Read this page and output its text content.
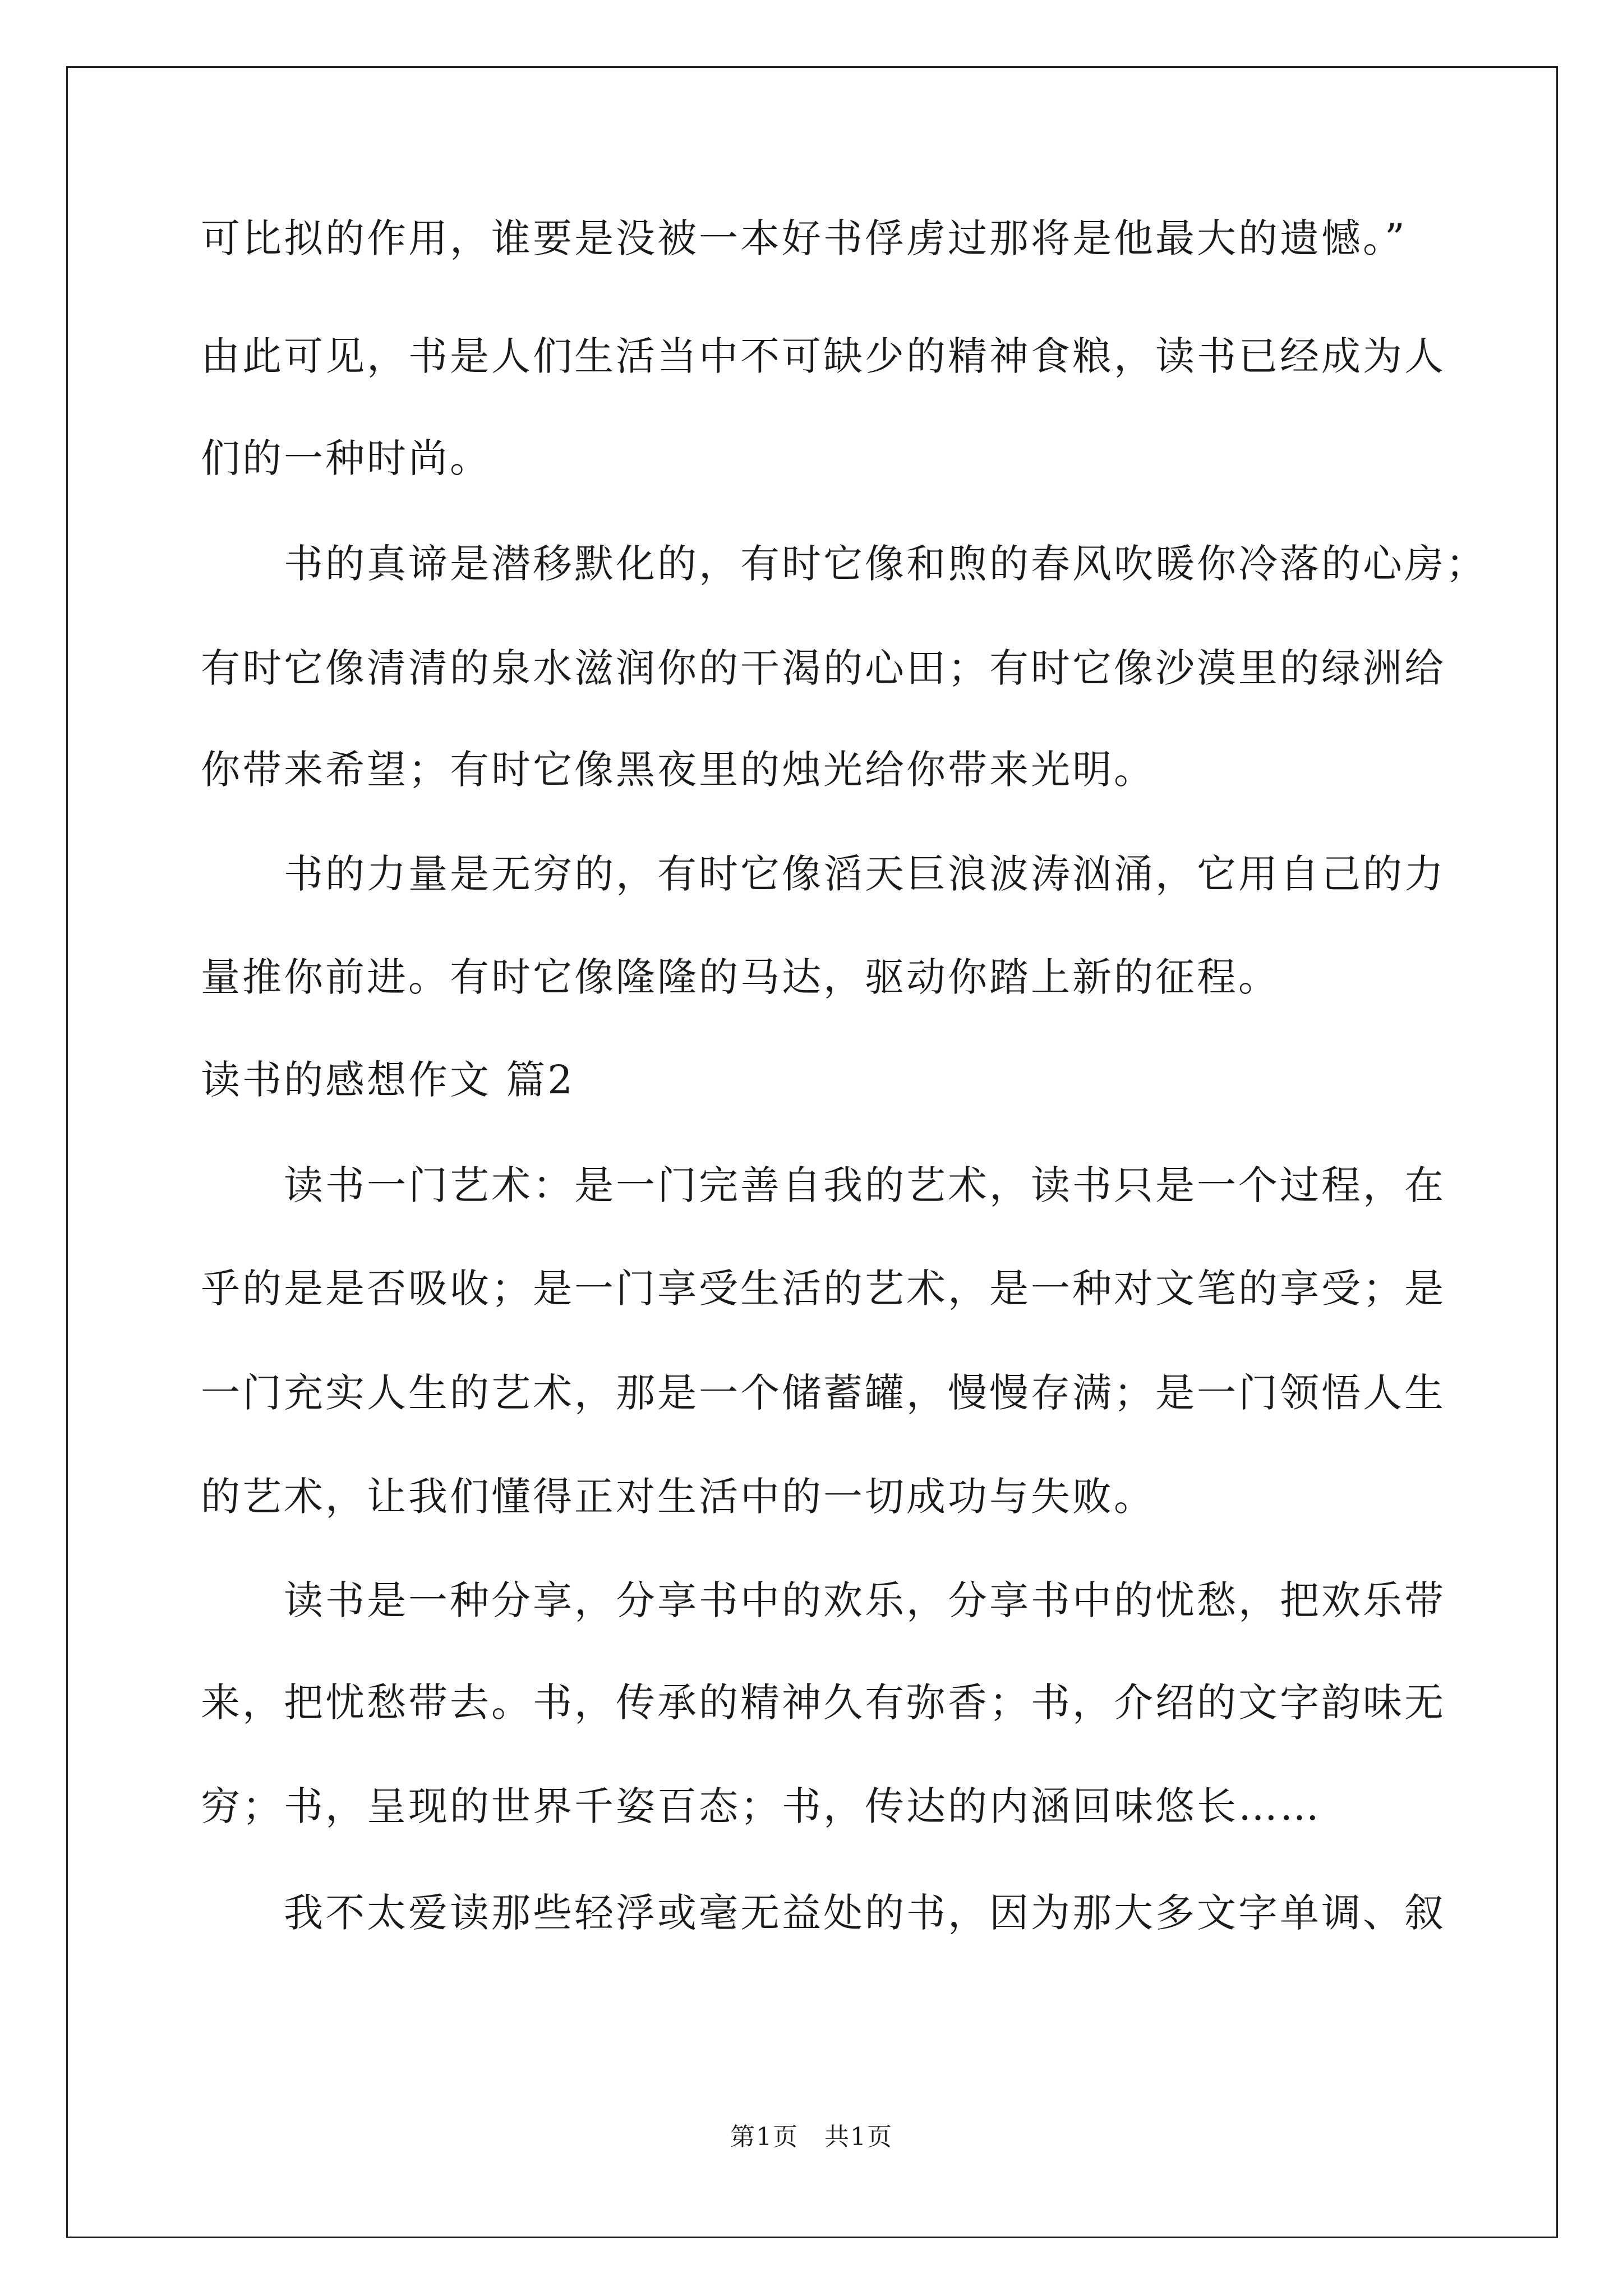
可比拟的作用，谁要是没被一本好书俘虏过那将是他最大的遗憾。”
由此可见，书是人们生活当中不可缺少的精神食粮，读书已经成为人
们的一种时尚。
书的真谛是潜移默化的，有时它像和煦的春风吹暖你冷落的心房；
有时它像清清的泉水滋润你的干渴的心田；有时它像沙漠里的绿洲给
你带来希望；有时它像黑夜里的烛光给你带来光明。
书的力量是无穷的，有时它像滔天巨浪波涛汹涌，它用自己的力
量推你前进。有时它像隆隆的马达，驱动你踏上新的征程。
读书的感想作文 篇2
读书一门艺术：是一门完善自我的艺术，读书只是一个过程，在
乎的是是否吸收；是一门享受生活的艺术，是一种对文笔的享受；是
一门充实人生的艺术，那是一个储蓄罐，慢慢存满；是一门领悟人生
的艺术，让我们懂得正对生活中的一切成功与失败。
读书是一种分享，分享书中的欢乐，分享书中的忧愁，把欢乐带
来，把忧愁带去。书，传承的精神久有弥香；书，介绍的文字韵味无
穷；书，呈现的世界千姿百态；书，传达的内涵回味悠长……
我不太爱读那些轻浮或毫无益处的书，因为那大多文字单调、叙
第1页　共1页
